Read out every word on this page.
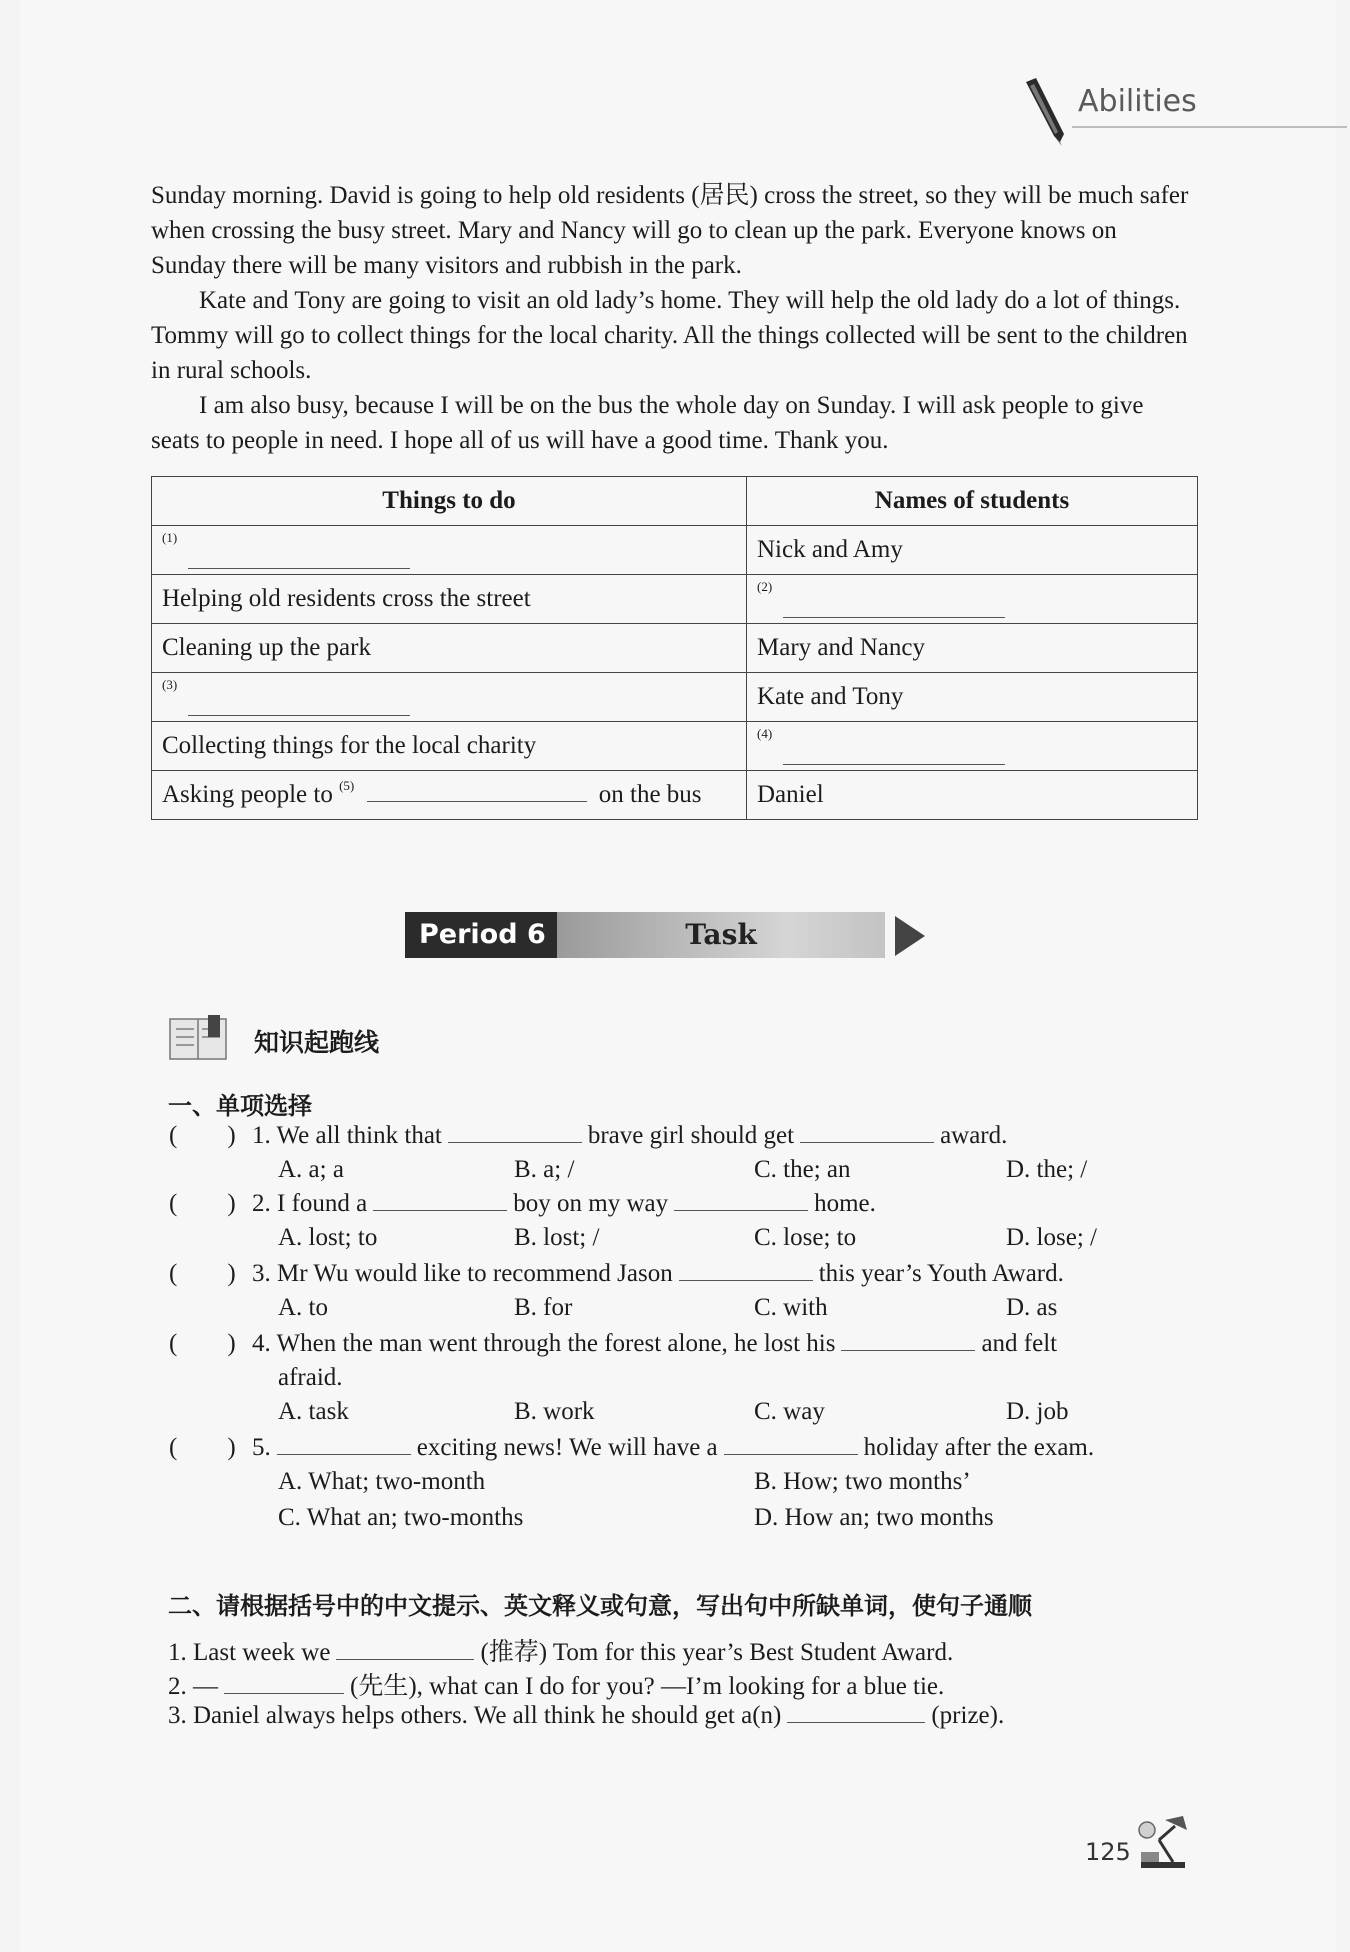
Abilities

Sunday morning. David is going to help old residents (居民) cross the street, so they will be much safer when crossing the busy street. Mary and Nancy will go to clean up the park. Everyone knows on Sunday there will be many visitors and rubbish in the park.

Kate and Tony are going to visit an old lady’s home. They will help the old lady do a lot of things. Tommy will go to collect things for the local charity. All the things collected will be sent to the children in rural schools.

I am also busy, because I will be on the bus the whole day on Sunday. I will ask people to give seats to people in need. I hope all of us will have a good time. Thank you.

Things to do	Names of students

(1)	Nick and Amy
Helping old residents cross the street	(2)

Cleaning up the park	Mary and Nancy

(3)	Kate and Tony
Collecting things for the local charity	(4)

Asking people to $^{(5)}$ on the bus	Daniel
Period 6	Task
知识起跑线
一、单项选择
( ) 1. We all think that	brave girl should get	award.
A. a; a	B. a; /	C. the; an	D. the; /
( ) 2. I found a	boy on my way	home.
A. lost; to	B. lost; /	C. lose; to	D. lose; /
( ) 3. Mr Wu would like to recommend Jason	this year’s Youth Award.
A. to	B. for	C. with	D. as
( ) 4. When the man went through the forest alone, he lost his	and felt
afraid.
A. task	B. work	C. way	D. job
( ) 5.	exciting news! We will have a	holiday after the exam.
A. What; two-month	B. How; two months’
C. What an; two-months	D. How an; two months
二、请根据括号中的中文提示、英文释义或句意，写出句中所缺单词，使句子通顺
1. Last week we	(推荐) Tom for this year’s Best Student Award.
2. —	(先生), what can I do for you? —I’m looking for a blue tie.
3. Daniel always helps others. We all think he should get a(n)	(prize).
125
